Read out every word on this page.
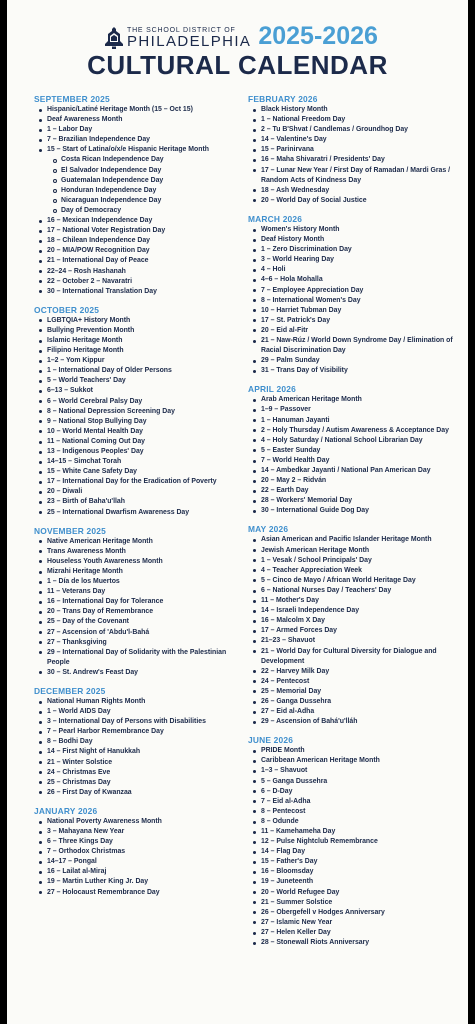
THE SCHOOL DISTRICT OF
PHILADELPHIA 2025-2026
CULTURAL CALENDAR
SEPTEMBER 2025
Hispanic/Latiné Heritage Month (15 – Oct 15)
Deaf Awareness Month
1 – Labor Day
7 – Brazilian Independence Day
15 – Start of Latina/o/x/e Hispanic Heritage Month
Costa Rican Independence Day
El Salvador Independence Day
Guatemalan Independence Day
Honduran Independence Day
Nicaraguan Independence Day
Day of Democracy
16 – Mexican Independence Day
17 – National Voter Registration Day
18 – Chilean Independence Day
20 – MIA/POW Recognition Day
21 – International Day of Peace
22–24 – Rosh Hashanah
22 – October 2 – Navaratri
30 – International Translation Day
OCTOBER 2025
LGBTQIA+ History Month
Bullying Prevention Month
Islamic Heritage Month
Filipino Heritage Month
1–2 – Yom Kippur
1 – International Day of Older Persons
5 – World Teachers' Day
6–13 – Sukkot
6 – World Cerebral Palsy Day
8 – National Depression Screening Day
9 – National Stop Bullying Day
10 – World Mental Health Day
11 – National Coming Out Day
13 – Indigenous Peoples' Day
14–15 – Simchat Torah
15 – White Cane Safety Day
17 – International Day for the Eradication of Poverty
20 – Diwali
23 – Birth of Baha'u'llah
25 – International Dwarfism Awareness Day
NOVEMBER 2025
Native American Heritage Month
Trans Awareness Month
Houseless Youth Awareness Month
Mizrahi Heritage Month
1 – Día de los Muertos
11 – Veterans Day
16 – International Day for Tolerance
20 – Trans Day of Remembrance
25 – Day of the Covenant
27 – Ascension of 'Abdu'l-Bahá
27 – Thanksgiving
29 – International Day of Solidarity with the Palestinian People
30 – St. Andrew's Feast Day
DECEMBER 2025
National Human Rights Month
1 – World AIDS Day
3 – International Day of Persons with Disabilities
7 – Pearl Harbor Remembrance Day
8 – Bodhi Day
14 – First Night of Hanukkah
21 – Winter Solstice
24 – Christmas Eve
25 – Christmas Day
26 – First Day of Kwanzaa
JANUARY 2026
National Poverty Awareness Month
3 – Mahayana New Year
6 – Three Kings Day
7 – Orthodox Christmas
14–17 – Pongal
16 – Lailat al-Miraj
19 – Martin Luther King Jr. Day
27 – Holocaust Remembrance Day
FEBRUARY 2026
Black History Month
1 – National Freedom Day
2 – Tu B'Shvat / Candlemas / Groundhog Day
14 – Valentine's Day
15 – Parinirvana
16 – Maha Shivaratri / Presidents' Day
17 – Lunar New Year / First Day of Ramadan / Mardi Gras / Random Acts of Kindness Day
18 – Ash Wednesday
20 – World Day of Social Justice
MARCH 2026
Women's History Month
Deaf History Month
1 – Zero Discrimination Day
3 – World Hearing Day
4 – Holi
4–6 – Hola Mohalla
7 – Employee Appreciation Day
8 – International Women's Day
10 – Harriet Tubman Day
17 – St. Patrick's Day
20 – Eid al-Fitr
21 – Naw-Rúz / World Down Syndrome Day / Elimination of Racial Discrimination Day
29 – Palm Sunday
31 – Trans Day of Visibility
APRIL 2026
Arab American Heritage Month
1–9 – Passover
1 – Hanuman Jayanti
2 – Holy Thursday / Autism Awareness & Acceptance Day
4 – Holy Saturday / National School Librarian Day
5 – Easter Sunday
7 – World Health Day
14 – Ambedkar Jayanti / National Pan American Day
20 – May 2 – Ridván
22 – Earth Day
28 – Workers' Memorial Day
30 – International Guide Dog Day
MAY 2026
Asian American and Pacific Islander Heritage Month
Jewish American Heritage Month
1 – Vesak / School Principals' Day
4 – Teacher Appreciation Week
5 – Cinco de Mayo / African World Heritage Day
6 – National Nurses Day / Teachers' Day
11 – Mother's Day
14 – Israeli Independence Day
16 – Malcolm X Day
17 – Armed Forces Day
21–23 – Shavuot
21 – World Day for Cultural Diversity for Dialogue and Development
22 – Harvey Milk Day
24 – Pentecost
25 – Memorial Day
26 – Ganga Dussehra
27 – Eid al-Adha
29 – Ascension of Bahá'u'lláh
JUNE 2026
PRIDE Month
Caribbean American Heritage Month
1–3 – Shavuot
5 – Ganga Dussehra
6 – D-Day
7 – Eid al-Adha
8 – Pentecost
8 – Odunde
11 – Kamehameha Day
12 – Pulse Nightclub Remembrance
14 – Flag Day
15 – Father's Day
16 – Bloomsday
19 – Juneteenth
20 – World Refugee Day
21 – Summer Solstice
26 – Obergefell v Hodges Anniversary
27 – Islamic New Year
27 – Helen Keller Day
28 – Stonewall Riots Anniversary
